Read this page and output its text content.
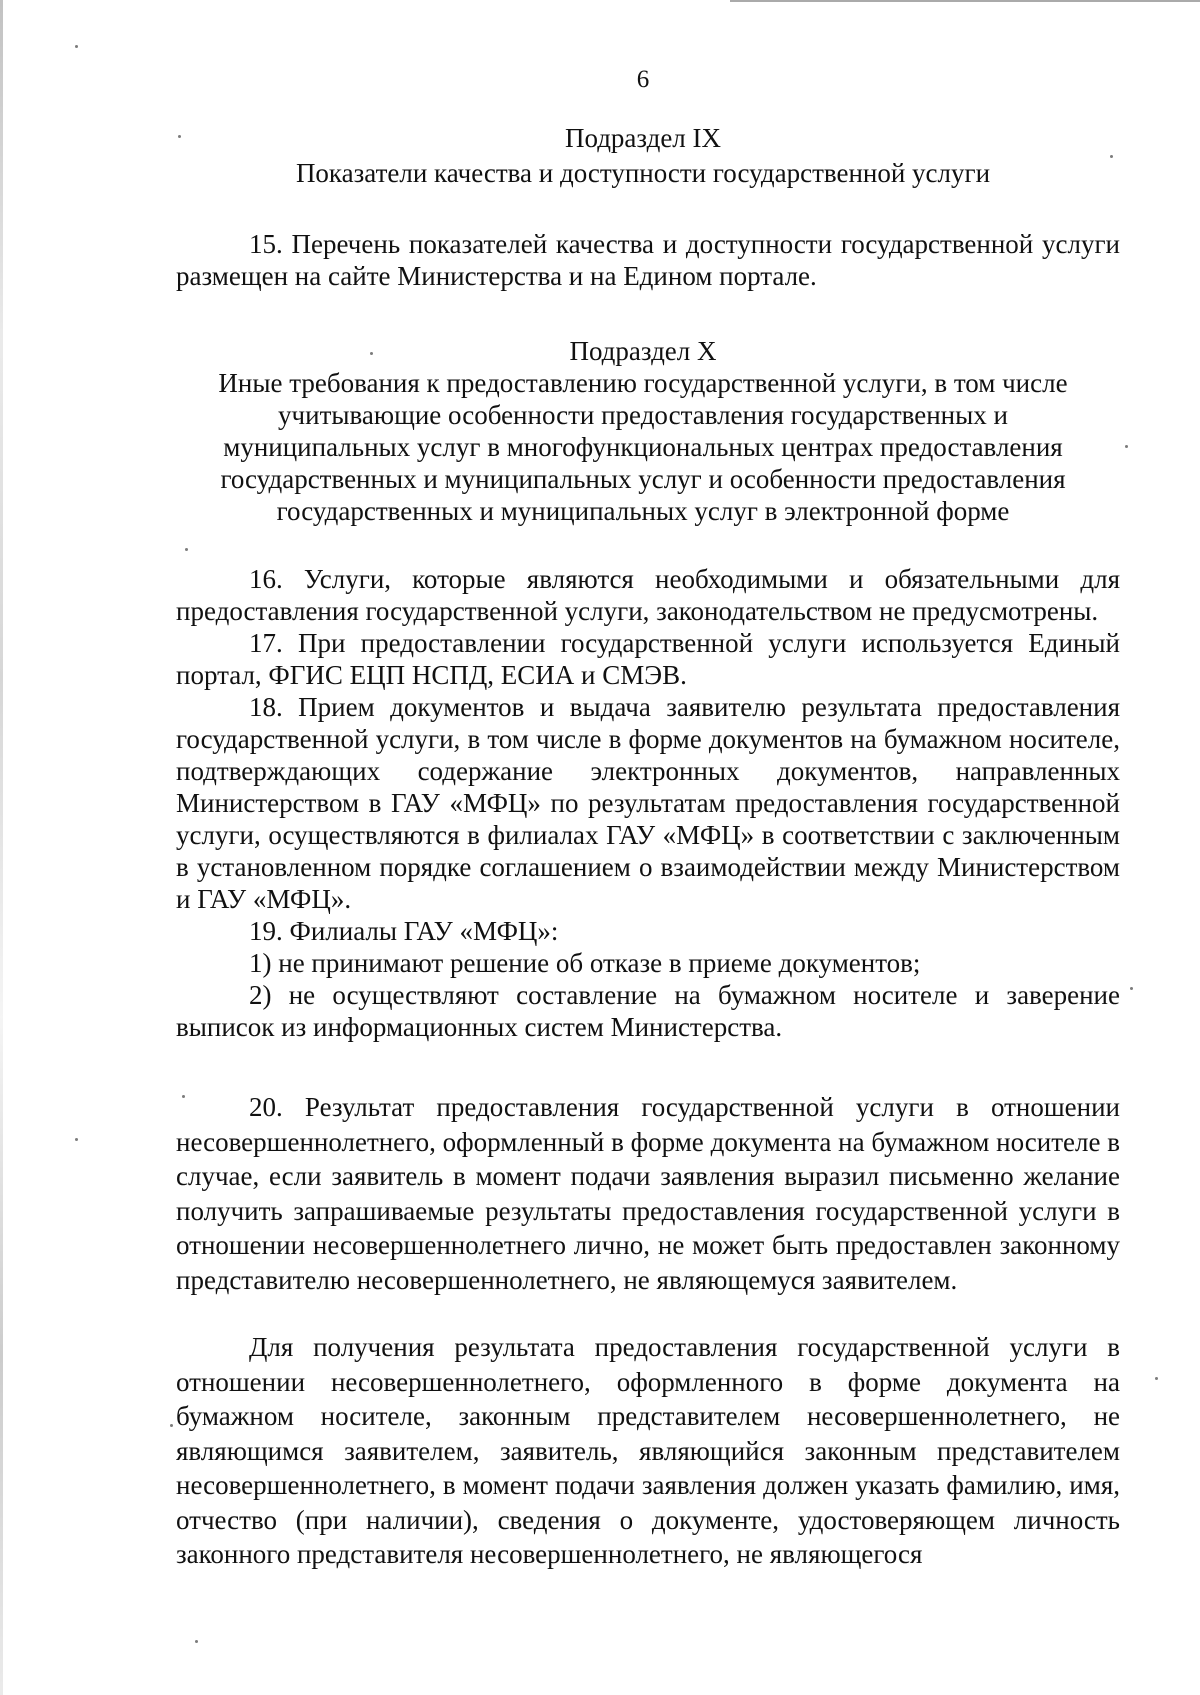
6
Подраздел IX
Показатели качества и доступности государственной услуги

15. Перечень показателей качества и доступности государственной услуги размещен на сайте Министерства и на Едином портале.

Подраздел X
Иные требования к предоставлению государственной услуги, в том числе
учитывающие особенности предоставления государственных и
муниципальных услуг в многофункциональных центрах предоставления
государственных и муниципальных услуг и особенности предоставления
государственных и муниципальных услуг в электронной форме

16. Услуги, которые являются необходимыми и обязательными для предоставления государственной услуги, законодательством не предусмотрены.

17. При предоставлении государственной услуги используется Единый портал, ФГИС ЕЦП НСПД, ЕСИА и СМЭВ.

18. Прием документов и выдача заявителю результата предоставления государственной услуги, в том числе в форме документов на бумажном носителе, подтверждающих содержание электронных документов, направленных Министерством в ГАУ «МФЦ» по результатам предоставления государственной услуги, осуществляются в филиалах ГАУ «МФЦ» в соответствии с заключенным в установленном порядке соглашением о взаимодействии между Министерством и ГАУ «МФЦ».

19. Филиалы ГАУ «МФЦ»:

1) не принимают решение об отказе в приеме документов;

2) не осуществляют составление на бумажном носителе и заверение выписок из информационных систем Министерства.

20. Результат предоставления государственной услуги в отношении несовершеннолетнего, оформленный в форме документа на бумажном носителе в случае, если заявитель в момент подачи заявления выразил письменно желание получить запрашиваемые результаты предоставления государственной услуги в отношении несовершеннолетнего лично, не может быть предоставлен законному представителю несовершеннолетнего, не являющемуся заявителем.

Для получения результата предоставления государственной услуги в отношении несовершеннолетнего, оформленного в форме документа на бумажном носителе, законным представителем несовершеннолетнего, не являющимся заявителем, заявитель, являющийся законным представителем несовершеннолетнего, в момент подачи заявления должен указать фамилию, имя, отчество (при наличии), сведения о документе, удостоверяющем личность законного представителя несовершеннолетнего, не являющегося
